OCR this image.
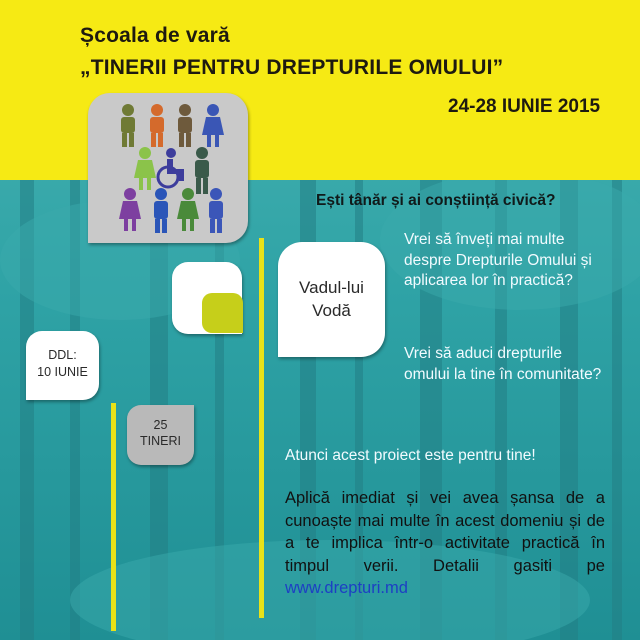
Școala de vară
„TINERII PENTRU DREPTURILE OMULUI”
24-28 IUNIE 2015
Vadul-lui
Vodă
DDL:
10 IUNIE
25
TINERI
Ești tânăr și ai conștiință civică?
Vrei să înveți mai multe despre Drepturile Omului și aplicarea lor în practică?
Vrei să aduci drepturile omului la tine în comunitate?
Atunci acest proiect este pentru tine!
Aplică imediat și vei avea șansa de a cunoaște mai multe în acest domeniu și de a te implica într-o activitate practică în timpul verii. Detalii gasiti pe www.drepturi.md
